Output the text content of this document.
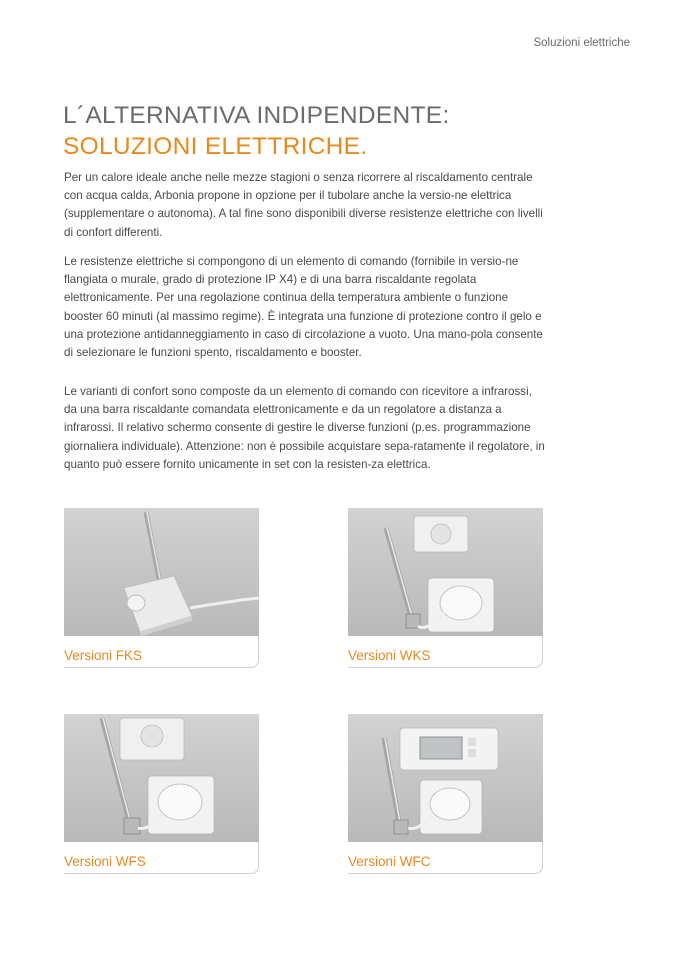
Soluzioni elettriche
L´ALTERNATIVA INDIPENDENTE:
SOLUZIONI ELETTRICHE.
Per un calore ideale anche nelle mezze stagioni o senza ricorrere al riscaldamento centrale con acqua calda, Arbonia propone in opzione per il tubolare anche la versio-ne elettrica (supplementare o autonoma). A tal fine sono disponibili diverse resistenze elettriche con livelli di confort differenti.
Le resistenze elettriche si compongono di un elemento di comando (fornibile in versio-ne flangiata o murale, grado di protezione IP X4) e di una barra riscaldante regolata elettronicamente. Per una regolazione continua della temperatura ambiente o funzione booster 60 minuti (al massimo regime). È integrata una funzione di protezione contro il gelo e una protezione antidanneggiamento in caso di circolazione a vuoto. Una mano-pola consente di selezionare le funzioni spento, riscaldamento e booster.
Le varianti di confort sono composte da un elemento di comando con ricevitore a infrarossi, da una barra riscaldante comandata elettronicamente e da un regolatore a distanza a infrarossi. Il relativo schermo consente di gestire le diverse funzioni (p.es. programmazione giornaliera individuale). Attenzione: non è possibile acquistare sepa-ratamente il regolatore, in quanto può essere fornito unicamente in set con la resisten-za elettrica.
Versioni FKS	Versioni WKS
Versioni WFS	Versioni WFC
